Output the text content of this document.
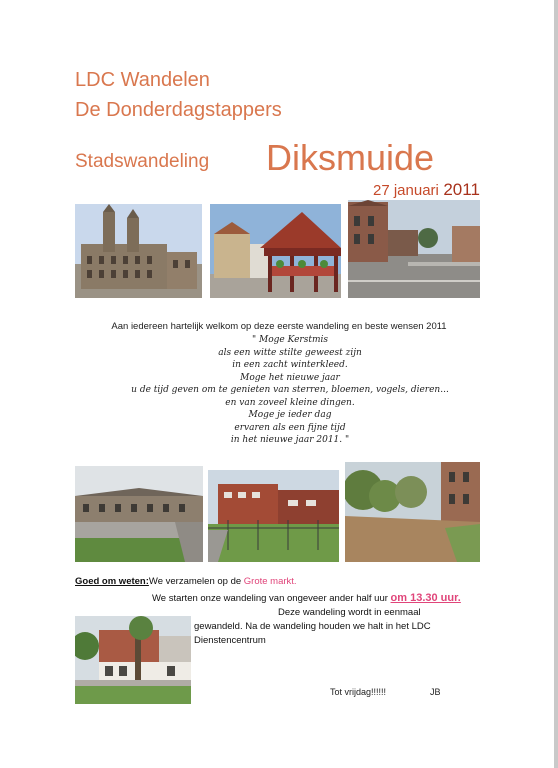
LDC Wandelen
De Donderdagstappers
Stadswandeling Diksmuide
27 januari 2011
Aan iedereen hartelijk welkom op deze eerste wandeling en beste wensen 2011
" Moge Kerstmis
als een witte stilte geweest zijn
in een zacht winterkleed.
Moge het nieuwe jaar
u de tijd geven om te genieten van sterren, bloemen, vogels, dieren...
en van zoveel kleine dingen.
Moge je ieder dag
ervaren als een fijne tijd
in het nieuwe jaar 2011. "
Goed om weten:We verzamelen op de Grote markt.
We starten onze wandeling van ongeveer ander half uur om 13.30 uur.
Deze wandeling wordt in eenmaal
gewandeld. Na de wandeling houden we halt in het LDC
Dienstencentrum
Tot vrijdag!!!!!!	JB
